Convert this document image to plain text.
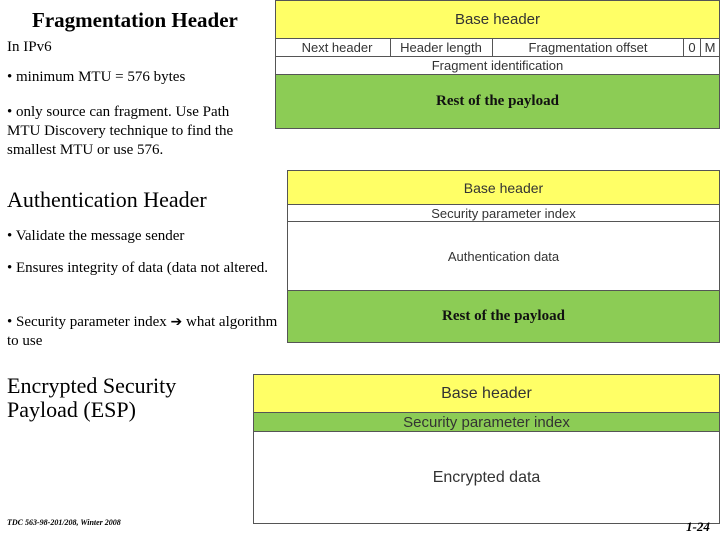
Fragmentation Header
In IPv6
• minimum MTU = 576 bytes
• only source can fragment. Use Path MTU Discovery technique to find the smallest MTU or use 576.
Authentication Header
• Validate the message sender
• Ensures integrity of data (data not altered.
• Security parameter index ➔ what algorithm to use
Encrypted Security Payload (ESP)
Base header
Next header	Header length	Fragmentation offset	0 M
Fragment identification
Rest of the payload
Base header
Security parameter index
Authentication data
Rest of the payload
Base header
Security parameter index
Encrypted data
TDC 563-98-201/208, Winter 2008	1-24
